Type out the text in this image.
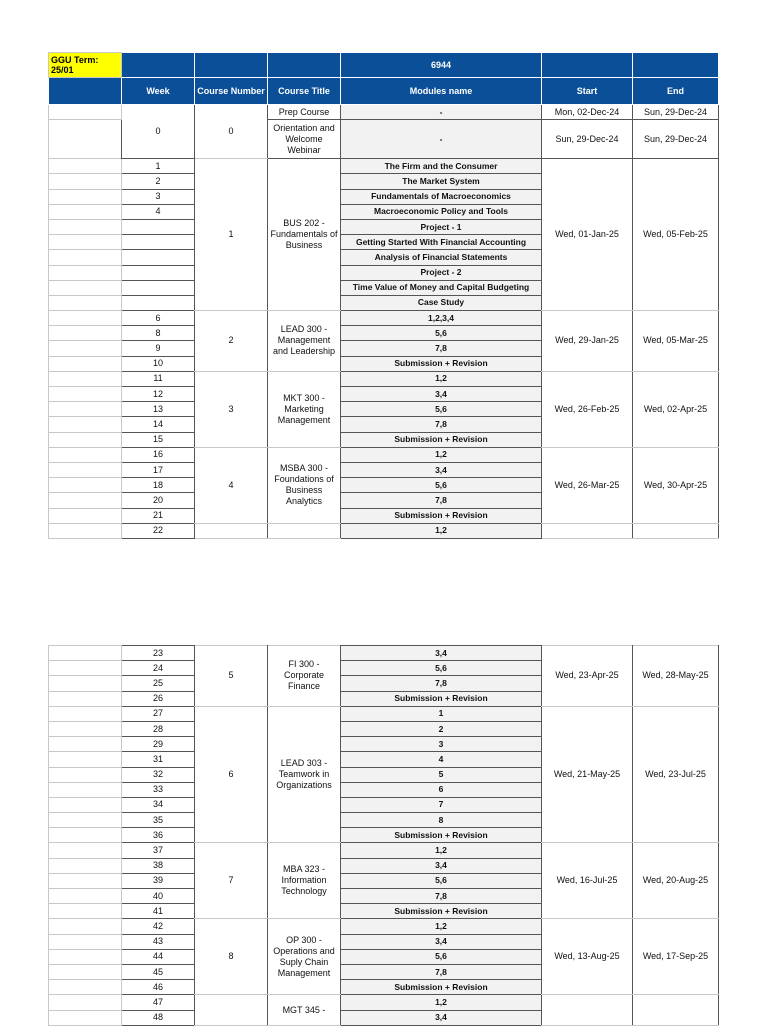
GGU Term: 25/01				6944		
	Week	Course Number	Course Title	Modules name	Start	End
	0	0	Prep Course	-	Mon, 02-Dec-24	Sun, 29-Dec-24
			Orientation and Welcome Webinar	-	Sun, 29-Dec-24	Sun, 29-Dec-24
	1	1	BUS 202 - Fundamentals of Business	The Firm and the Consumer	Wed, 01-Jan-25	Wed, 05-Feb-25
	2			The Market System		
	3			Fundamentals of Macroeconomics		
	4			Macroeconomic Policy and Tools		
				Project - 1		
				Getting Started With Financial Accounting		
				Analysis of Financial Statements		
				Project - 2		
				Time Value of Money and Capital Budgeting		
				Case Study		
	6	2	LEAD 300 - Management and Leadership	1,2,3,4	Wed, 29-Jan-25	Wed, 05-Mar-25
	8			5,6		
	9			7,8		
	10			Submission + Revision		
	11	3	MKT 300 - Marketing Management	1,2	Wed, 26-Feb-25	Wed, 02-Apr-25
	12			3,4		
	13			5,6		
	14			7,8		
	15			Submission + Revision		
	16	4	MSBA 300 - Foundations of Business Analytics	1,2	Wed, 26-Mar-25	Wed, 30-Apr-25
	17			3,4		
	18			5,6		
	20			7,8		
	21			Submission + Revision		
	22			1,2		
	23	5	FI 300 - Corporate Finance	3,4	Wed, 23-Apr-25	Wed, 28-May-25
	24			5,6		
	25			7,8		
	26			Submission + Revision		
	27	6	LEAD 303 - Teamwork in Organizations	1	Wed, 21-May-25	Wed, 23-Jul-25
	28			2		
	29			3		
	31			4		
	32			5		
	33			6		
	34			7		
	35			8		
	36			Submission + Revision		
	37	7	MBA 323 - Information Technology	1,2	Wed, 16-Jul-25	Wed, 20-Aug-25
	38			3,4		
	39			5,6		
	40			7,8		
	41			Submission + Revision		
	42	8	OP 300 - Operations and Suply Chain Management	1,2	Wed, 13-Aug-25	Wed, 17-Sep-25
	43			3,4		
	44			5,6		
	45			7,8		
	46			Submission + Revision		
	47		MGT 345 -	1,2		
	48			3,4		
